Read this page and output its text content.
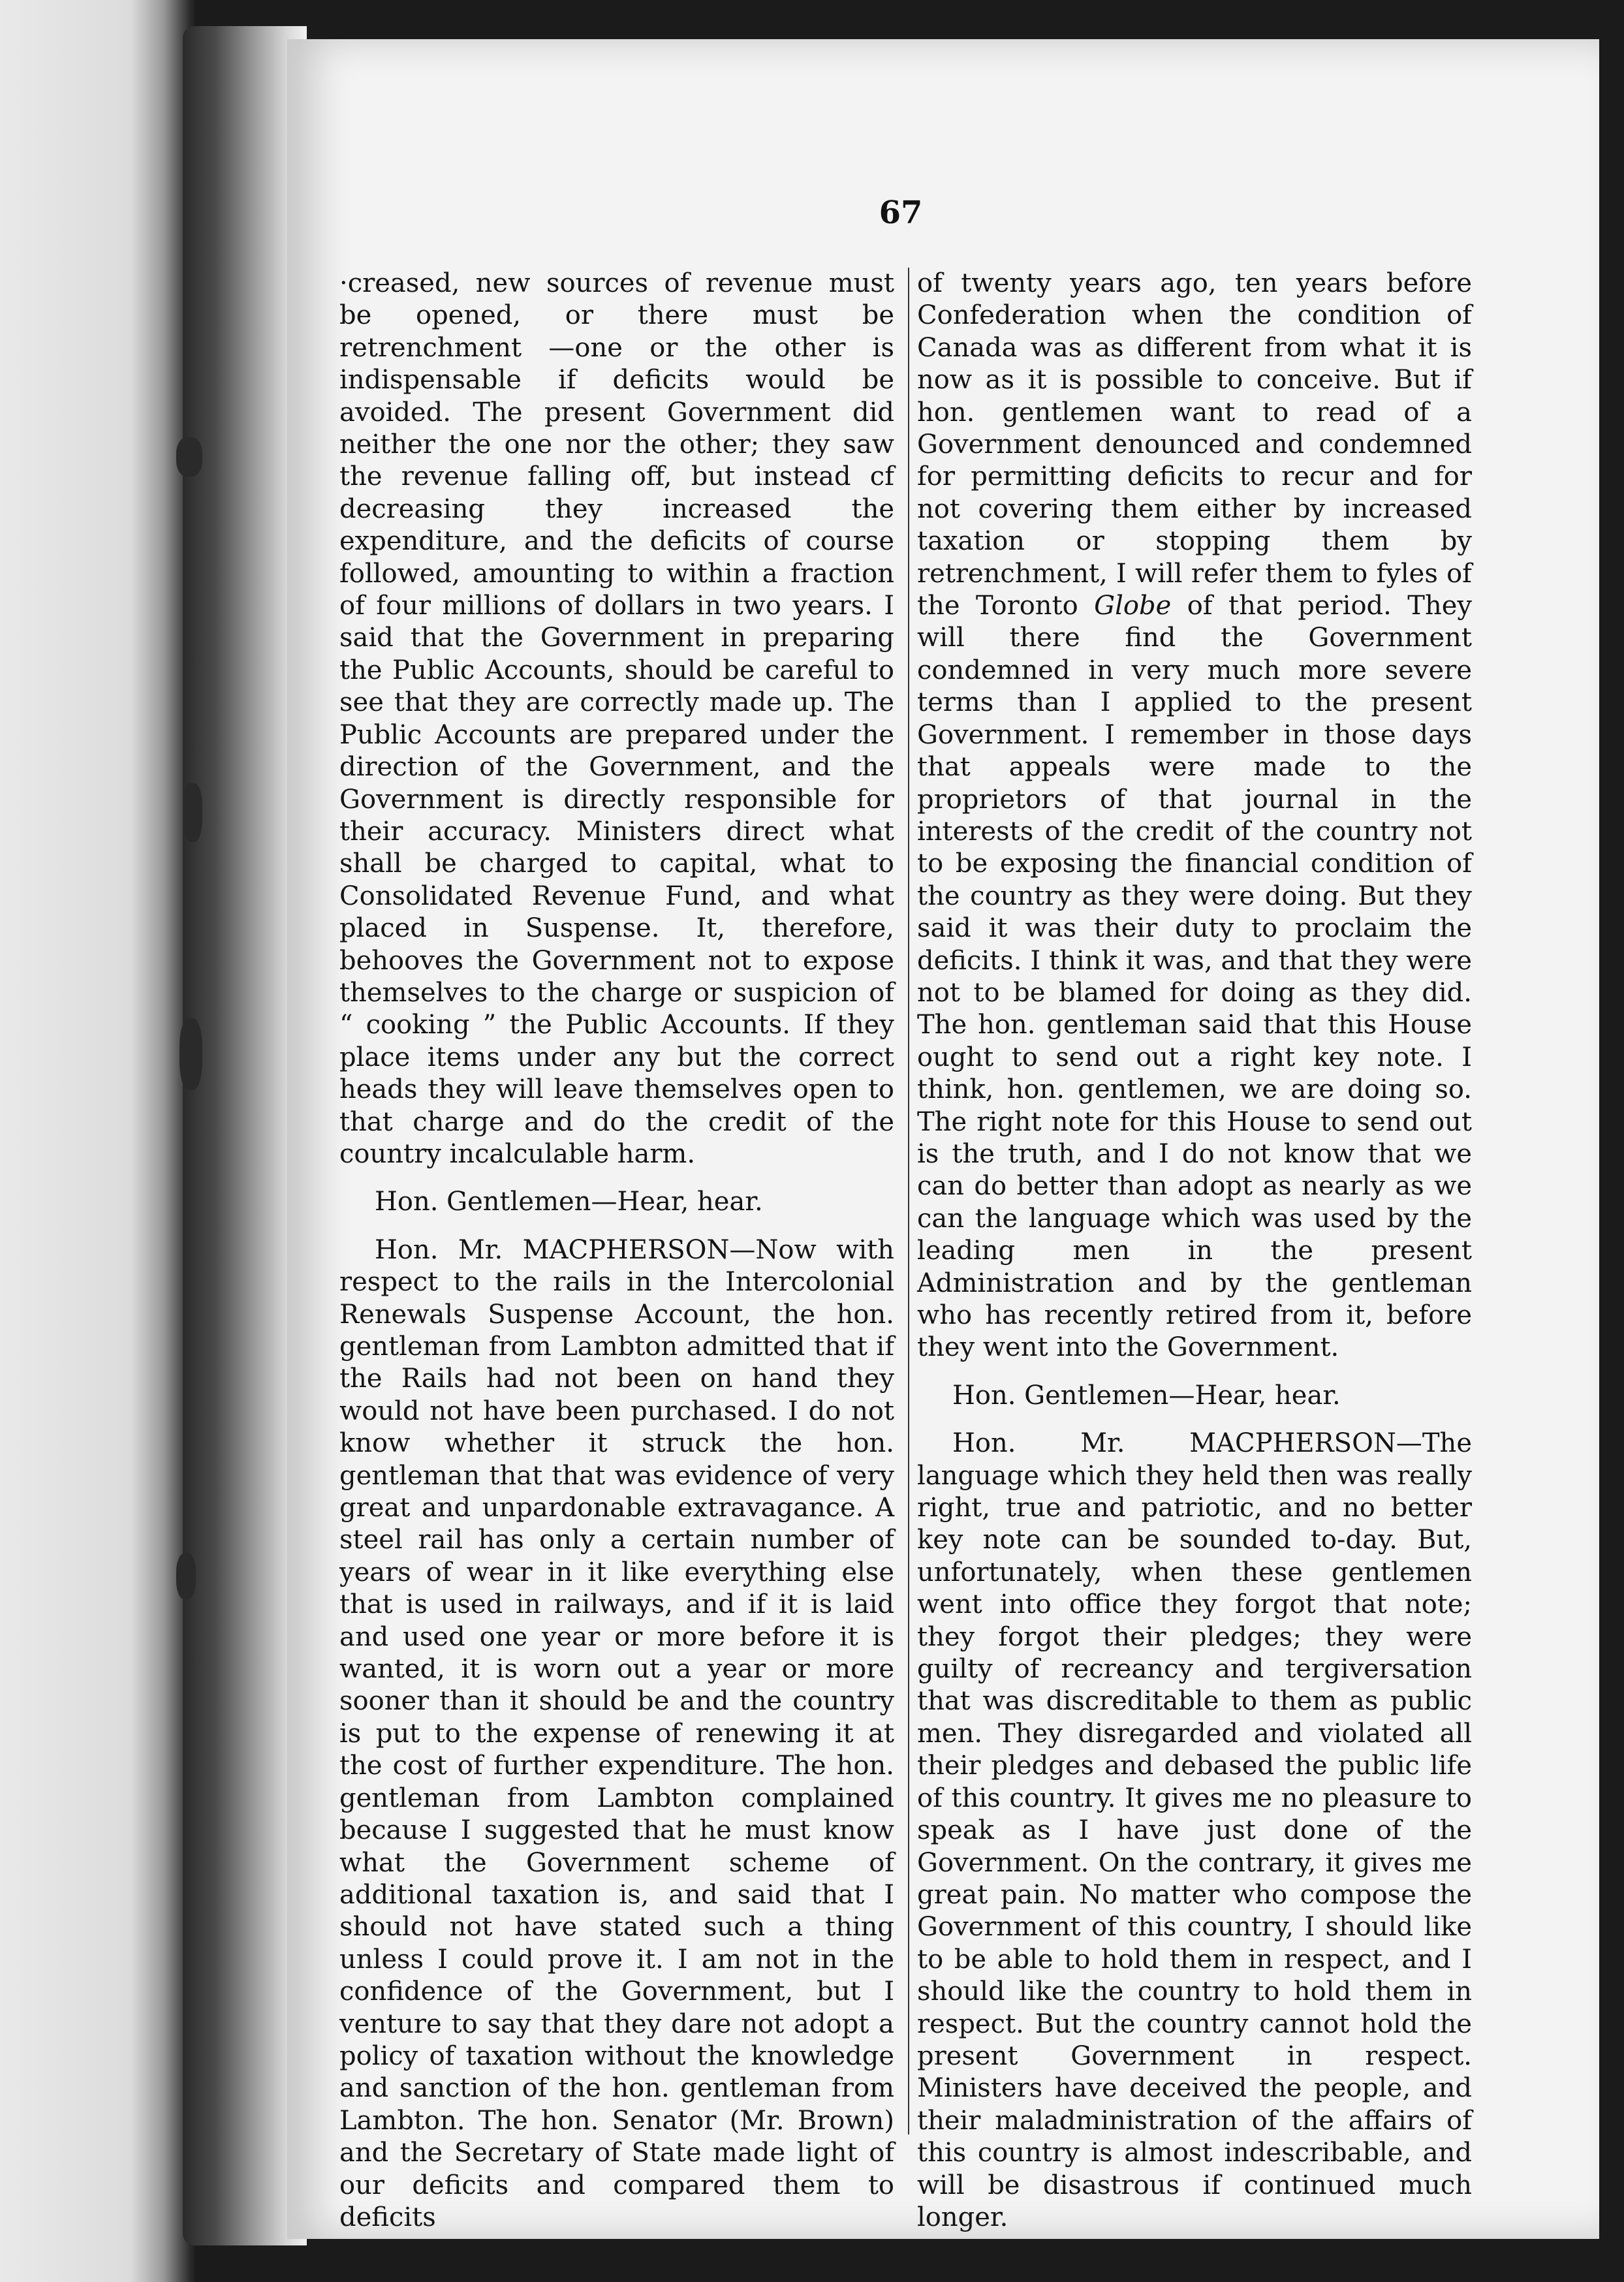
67

·creased, new sources of revenue must be opened, or there must be retrenchment —one or the other is indispensable if deficits would be avoided. The present Government did neither the one nor the other; they saw the revenue falling off, but instead cf decreasing they increased the expenditure, and the deficits of course followed, amounting to within a fraction of four millions of dollars in two years. I said that the Government in preparing the Public Accounts, should be careful to see that they are correctly made up. The Public Accounts are prepared under the direction of the Government, and the Government is directly responsible for their accuracy. Ministers direct what shall be charged to capital, what to Consolidated Revenue Fund, and what placed in Suspense. It, therefore, behooves the Government not to expose themselves to the charge or suspicion of “ cooking ” the Public Accounts. If they place items under any but the correct heads they will leave themselves open to that charge and do the credit of the country incalculable harm.

Hon. Gentlemen—Hear, hear.

Hon. Mr. MACPHERSON—Now with respect to the rails in the Intercolonial Renewals Suspense Account, the hon. gentleman from Lambton admitted that if the Rails had not been on hand they would not have been purchased. I do not know whether it struck the hon. gentleman that that was evidence of very great and unpardonable extravagance. A steel rail has only a certain number of years of wear in it like everything else that is used in railways, and if it is laid and used one year or more before it is wanted, it is worn out a year or more sooner than it should be and the country is put to the expense of renewing it at the cost of further expenditure. The hon. gentleman from Lambton complained because I suggested that he must know what the Government scheme of additional taxation is, and said that I should not have stated such a thing unless I could prove it. I am not in the confidence of the Government, but I venture to say that they dare not adopt a policy of taxation without the knowledge and sanction of the hon. gentleman from Lambton. The hon. Senator (Mr. Brown) and the Secretary of State made light of our deficits and compared them to deficits

of twenty years ago, ten years before Confederation when the condition of Canada was as different from what it is now as it is possible to conceive. But if hon. gentlemen want to read of a Government denounced and condemned for permitting deficits to recur and for not covering them either by increased taxation or stopping them by retrenchment, I will refer them to fyles of the Toronto Globe of that period. They will there find the Government condemned in very much more severe terms than I applied to the present Government. I remember in those days that appeals were made to the proprietors of that journal in the interests of the credit of the country not to be exposing the financial condition of the country as they were doing. But they said it was their duty to proclaim the deficits. I think it was, and that they were not to be blamed for doing as they did. The hon. gentleman said that this House ought to send out a right key note. I think, hon. gentlemen, we are doing so. The right note for this House to send out is the truth, and I do not know that we can do better than adopt as nearly as we can the language which was used by the leading men in the present Administration and by the gentleman who has recently retired from it, before they went into the Government.

Hon. Gentlemen—Hear, hear.

Hon. Mr. MACPHERSON—The language which they held then was really right, true and patriotic, and no better key note can be sounded to-day. But, unfortunately, when these gentlemen went into office they forgot that note; they forgot their pledges; they were guilty of recreancy and tergiversation that was discreditable to them as public men. They disregarded and violated all their pledges and debased the public life of this country. It gives me no pleasure to speak as I have just done of the Government. On the contrary, it gives me great pain. No matter who compose the Government of this country, I should like to be able to hold them in respect, and I should like the country to hold them in respect. But the country cannot hold the present Government in respect. Ministers have deceived the people, and their maladministration of the affairs of this country is almost indescribable, and will be disastrous if continued much longer.
